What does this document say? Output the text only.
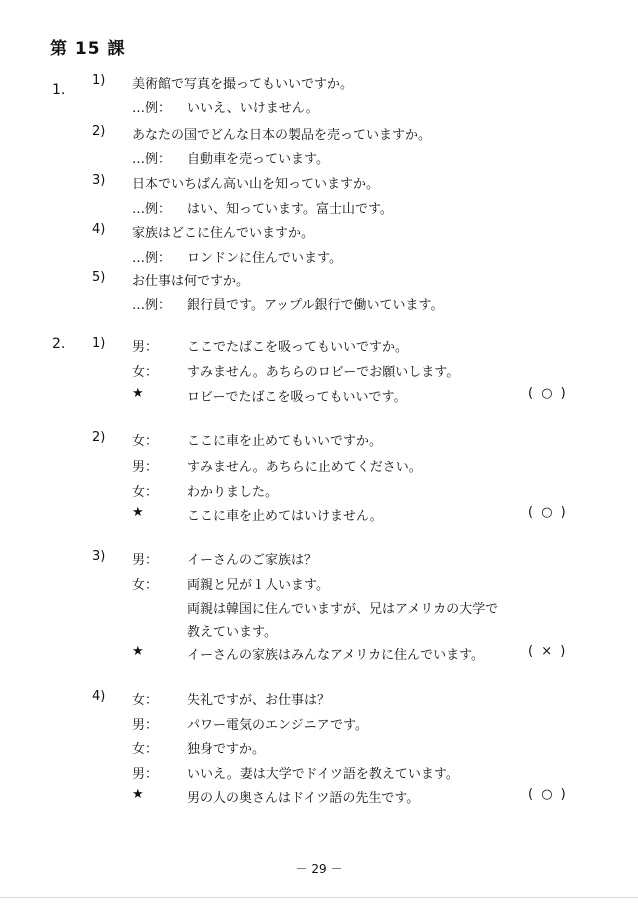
第 15 課
1.
1) 美術館で写真を撮ってもいいですか。
…例： いいえ、いけません。
2) あなたの国でどんな日本の製品を売っていますか。
…例： 自動車を売っています。
3) 日本でいちばん高い山を知っていますか。
…例： はい、知っています。富士山です。
4) 家族はどこに住んでいますか。
…例： ロンドンに住んでいます。
5) お仕事は何ですか。
…例： 銀行員です。アップル銀行で働いています。
2. 1) 男： ここでたばこを吸ってもいいですか。
女： すみません。あちらのロビーでお願いします。
★	ロビーでたばこを吸ってもいいです。	( ○ )
2) 女： ここに車を止めてもいいですか。
男： すみません。あちらに止めてください。
女： わかりました。
★	ここに車を止めてはいけません。	( ○ )
3) 男： イーさんのご家族は？
女： 両親と兄が１人います。
両親は韓国に住んでいますが、兄はアメリカの大学で
教えています。
★	イーさんの家族はみんなアメリカに住んでいます。	( × )
4) 女： 失礼ですが、お仕事は？
男： パワー電気のエンジニアです。
女： 独身ですか。
男： いいえ。妻は大学でドイツ語を教えています。
★	男の人の奥さんはドイツ語の先生です。	( ○ )
－ 29 －
